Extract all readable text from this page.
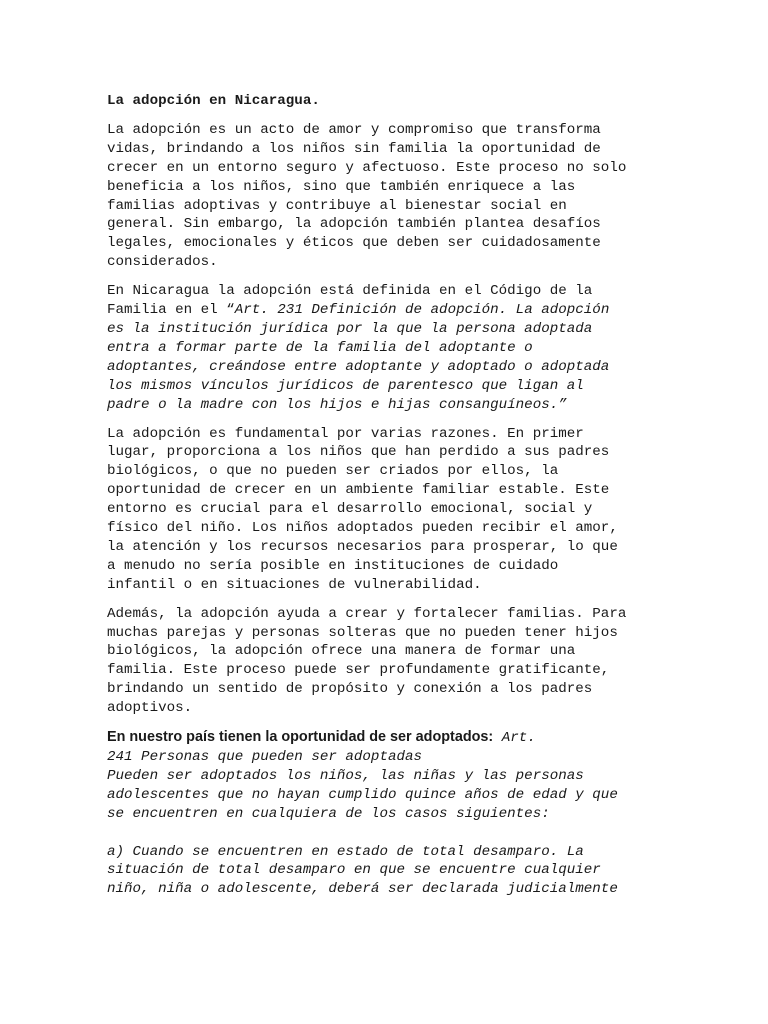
La adopción en Nicaragua.

La adopción es un acto de amor y compromiso que transforma
vidas, brindando a los niños sin familia la oportunidad de
crecer en un entorno seguro y afectuoso. Este proceso no solo
beneficia a los niños, sino que también enriquece a las
familias adoptivas y contribuye al bienestar social en
general. Sin embargo, la adopción también plantea desafíos
legales, emocionales y éticos que deben ser cuidadosamente
considerados.

En Nicaragua la adopción está definida en el Código de la
Familia en el “Art. 231 Definición de adopción. La adopción
es la institución jurídica por la que la persona adoptada
entra a formar parte de la familia del adoptante o
adoptantes, creándose entre adoptante y adoptado o adoptada
los mismos vínculos jurídicos de parentesco que ligan al
padre o la madre con los hijos e hijas consanguíneos.”

La adopción es fundamental por varias razones. En primer
lugar, proporciona a los niños que han perdido a sus padres
biológicos, o que no pueden ser criados por ellos, la
oportunidad de crecer en un ambiente familiar estable. Este
entorno es crucial para el desarrollo emocional, social y
físico del niño. Los niños adoptados pueden recibir el amor,
la atención y los recursos necesarios para prosperar, lo que
a menudo no sería posible en instituciones de cuidado
infantil o en situaciones de vulnerabilidad.

Además, la adopción ayuda a crear y fortalecer familias. Para
muchas parejas y personas solteras que no pueden tener hijos
biológicos, la adopción ofrece una manera de formar una
familia. Este proceso puede ser profundamente gratificante,
brindando un sentido de propósito y conexión a los padres
adoptivos.

En nuestro país tienen la oportunidad de ser adoptados: Art.
241 Personas que pueden ser adoptadas
Pueden ser adoptados los niños, las niñas y las personas
adolescentes que no hayan cumplido quince años de edad y que
se encuentren en cualquiera de los casos siguientes:
a) Cuando se encuentren en estado de total desamparo. La
situación de total desamparo en que se encuentre cualquier
niño, niña o adolescente, deberá ser declarada judicialmente
